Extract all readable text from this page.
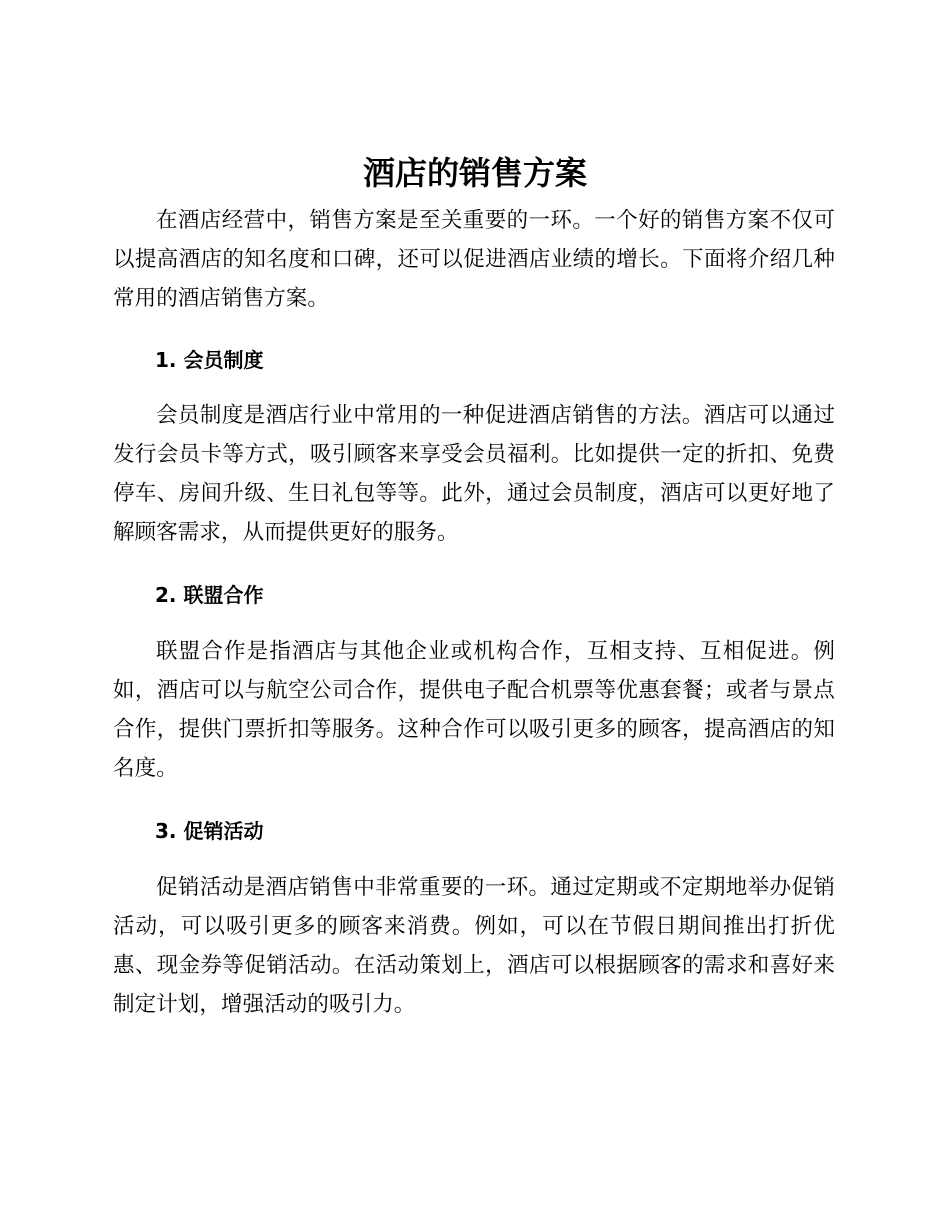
酒店的销售方案

在酒店经营中，销售方案是至关重要的一环。一个好的销售方案不仅可以提高酒店的知名度和口碑，还可以促进酒店业绩的增长。下面将介绍几种常用的酒店销售方案。

1. 会员制度

会员制度是酒店行业中常用的一种促进酒店销售的方法。酒店可以通过发行会员卡等方式，吸引顾客来享受会员福利。比如提供一定的折扣、免费停车、房间升级、生日礼包等等。此外，通过会员制度，酒店可以更好地了解顾客需求，从而提供更好的服务。

2. 联盟合作

联盟合作是指酒店与其他企业或机构合作，互相支持、互相促进。例如，酒店可以与航空公司合作，提供电子配合机票等优惠套餐；或者与景点合作，提供门票折扣等服务。这种合作可以吸引更多的顾客，提高酒店的知名度。

3. 促销活动

促销活动是酒店销售中非常重要的一环。通过定期或不定期地举办促销活动，可以吸引更多的顾客来消费。例如，可以在节假日期间推出打折优惠、现金券等促销活动。在活动策划上，酒店可以根据顾客的需求和喜好来制定计划，增强活动的吸引力。
